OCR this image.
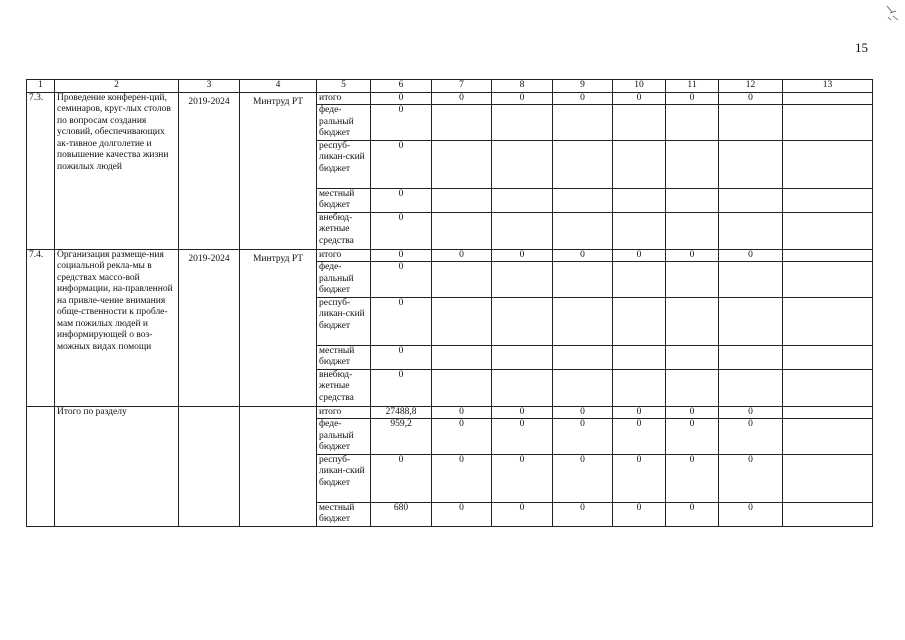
15
1	2	3	4	5	6	7	8	9	10	11	12	13
7.3.	Проведение конферен-ций, семинаров, круг-лых столов по вопросам создания условий, обеспечивающих ак-тивное долголетие и повышение качества жизни пожилых людей	2019-2024	Минтруд РТ	итого	0	0	0	0	0	0	0	
				феде-ральный бюджет	0							
				респуб-ликан-ский бюджет	0							
				местный бюджет	0							
				внебюд-жетные средства	0							
7.4.	Организация размеще-ния социальной рекла-мы в средствах массо-вой информации, на-правленной на привле-чение внимания обще-ственности к пробле-мам пожилых людей и информирующей о воз-можных видах помощи	2019-2024	Минтруд РТ	итого	0	0	0	0	0	0	0	
				феде-ральный бюджет	0							
				респуб-ликан-ский бюджет	0							
				местный бюджет	0							
				внебюд-жетные средства	0							
	Итого по разделу			итого	27488,8	0	0	0	0	0	0	
				феде-ральный бюджет	959,2	0	0	0	0	0	0	
				респуб-ликан-ский бюджет	0	0	0	0	0	0	0	
				местный бюджет	680	0	0	0	0	0	0	
